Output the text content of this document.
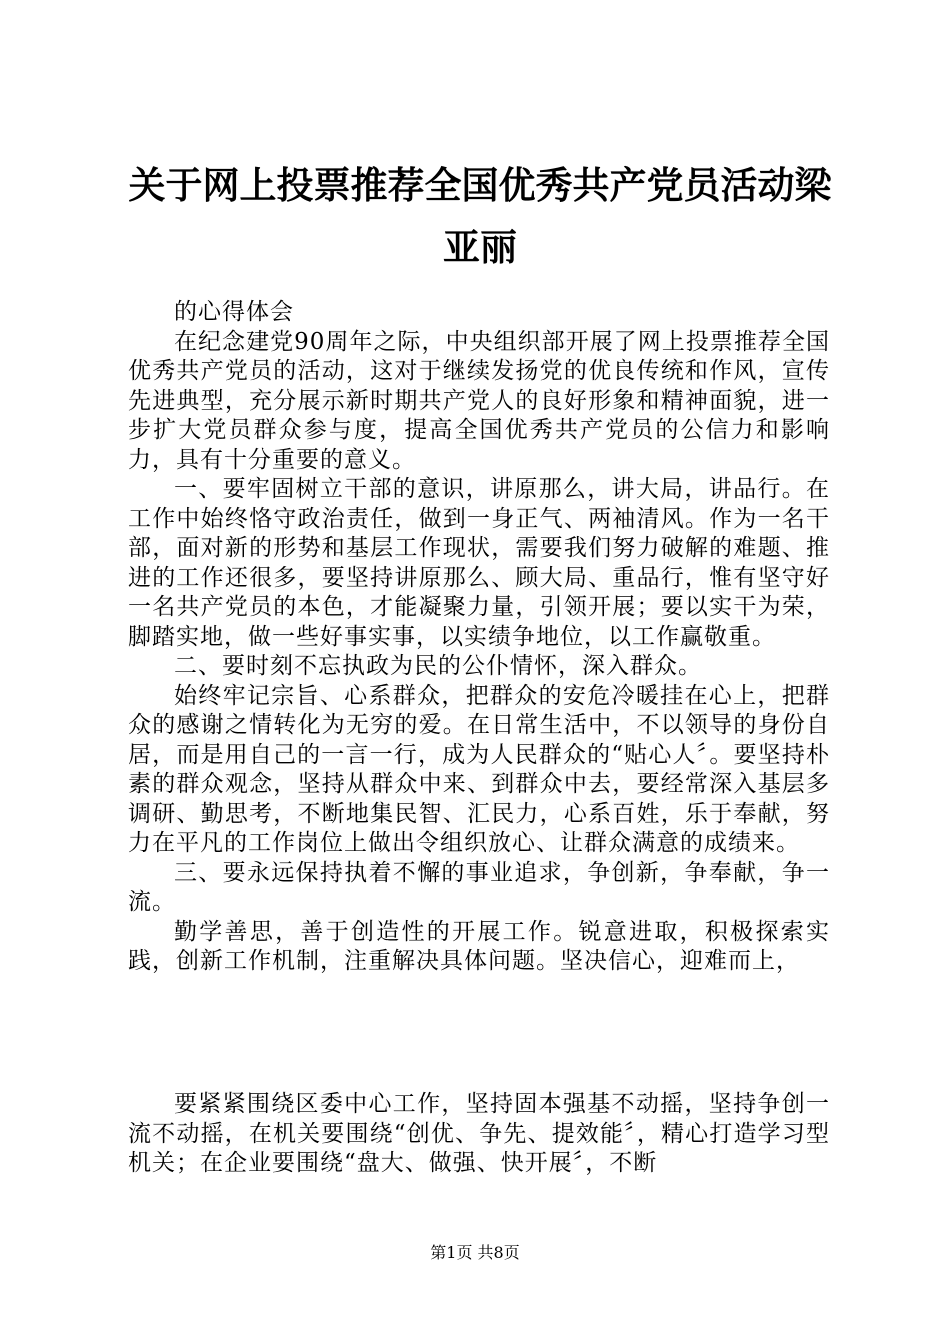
关于网上投票推荐全国优秀共产党员活动梁亚丽

的心得体会

在纪念建党90周年之际，中央组织部开展了网上投票推荐全国优秀共产党员的活动，这对于继续发扬党的优良传统和作风，宣传先进典型，充分展示新时期共产党人的良好形象和精神面貌，进一步扩大党员群众参与度，提高全国优秀共产党员的公信力和影响力，具有十分重要的意义。

一、要牢固树立干部的意识，讲原那么，讲大局，讲品行。在工作中始终恪守政治责任，做到一身正气、两袖清风。作为一名干部，面对新的形势和基层工作现状，需要我们努力破解的难题、推进的工作还很多，要坚持讲原那么、顾大局、重品行，惟有坚守好一名共产党员的本色，才能凝聚力量，引领开展；要以实干为荣，脚踏实地，做一些好事实事，以实绩争地位，以工作赢敬重。

二、要时刻不忘执政为民的公仆情怀，深入群众。

始终牢记宗旨、心系群众，把群众的安危冷暖挂在心上，把群众的感谢之情转化为无穷的爱。在日常生活中，不以领导的身份自居，而是用自己的一言一行，成为人民群众的“贴心人〞。要坚持朴素的群众观念，坚持从群众中来、到群众中去，要经常深入基层多调研、勤思考，不断地集民智、汇民力，心系百姓，乐于奉献，努力在平凡的工作岗位上做出令组织放心、让群众满意的成绩来。

三、要永远保持执着不懈的事业追求，争创新，争奉献，争一流。

勤学善思，善于创造性的开展工作。锐意进取，积极探索实践，创新工作机制，注重解决具体问题。坚决信心，迎难而上，

要紧紧围绕区委中心工作，坚持固本强基不动摇，坚持争创一流不动摇，在机关要围绕“创优、争先、提效能〞，精心打造学习型机关；在企业要围绕“盘大、做强、快开展〞，不断

第1页 共8页
